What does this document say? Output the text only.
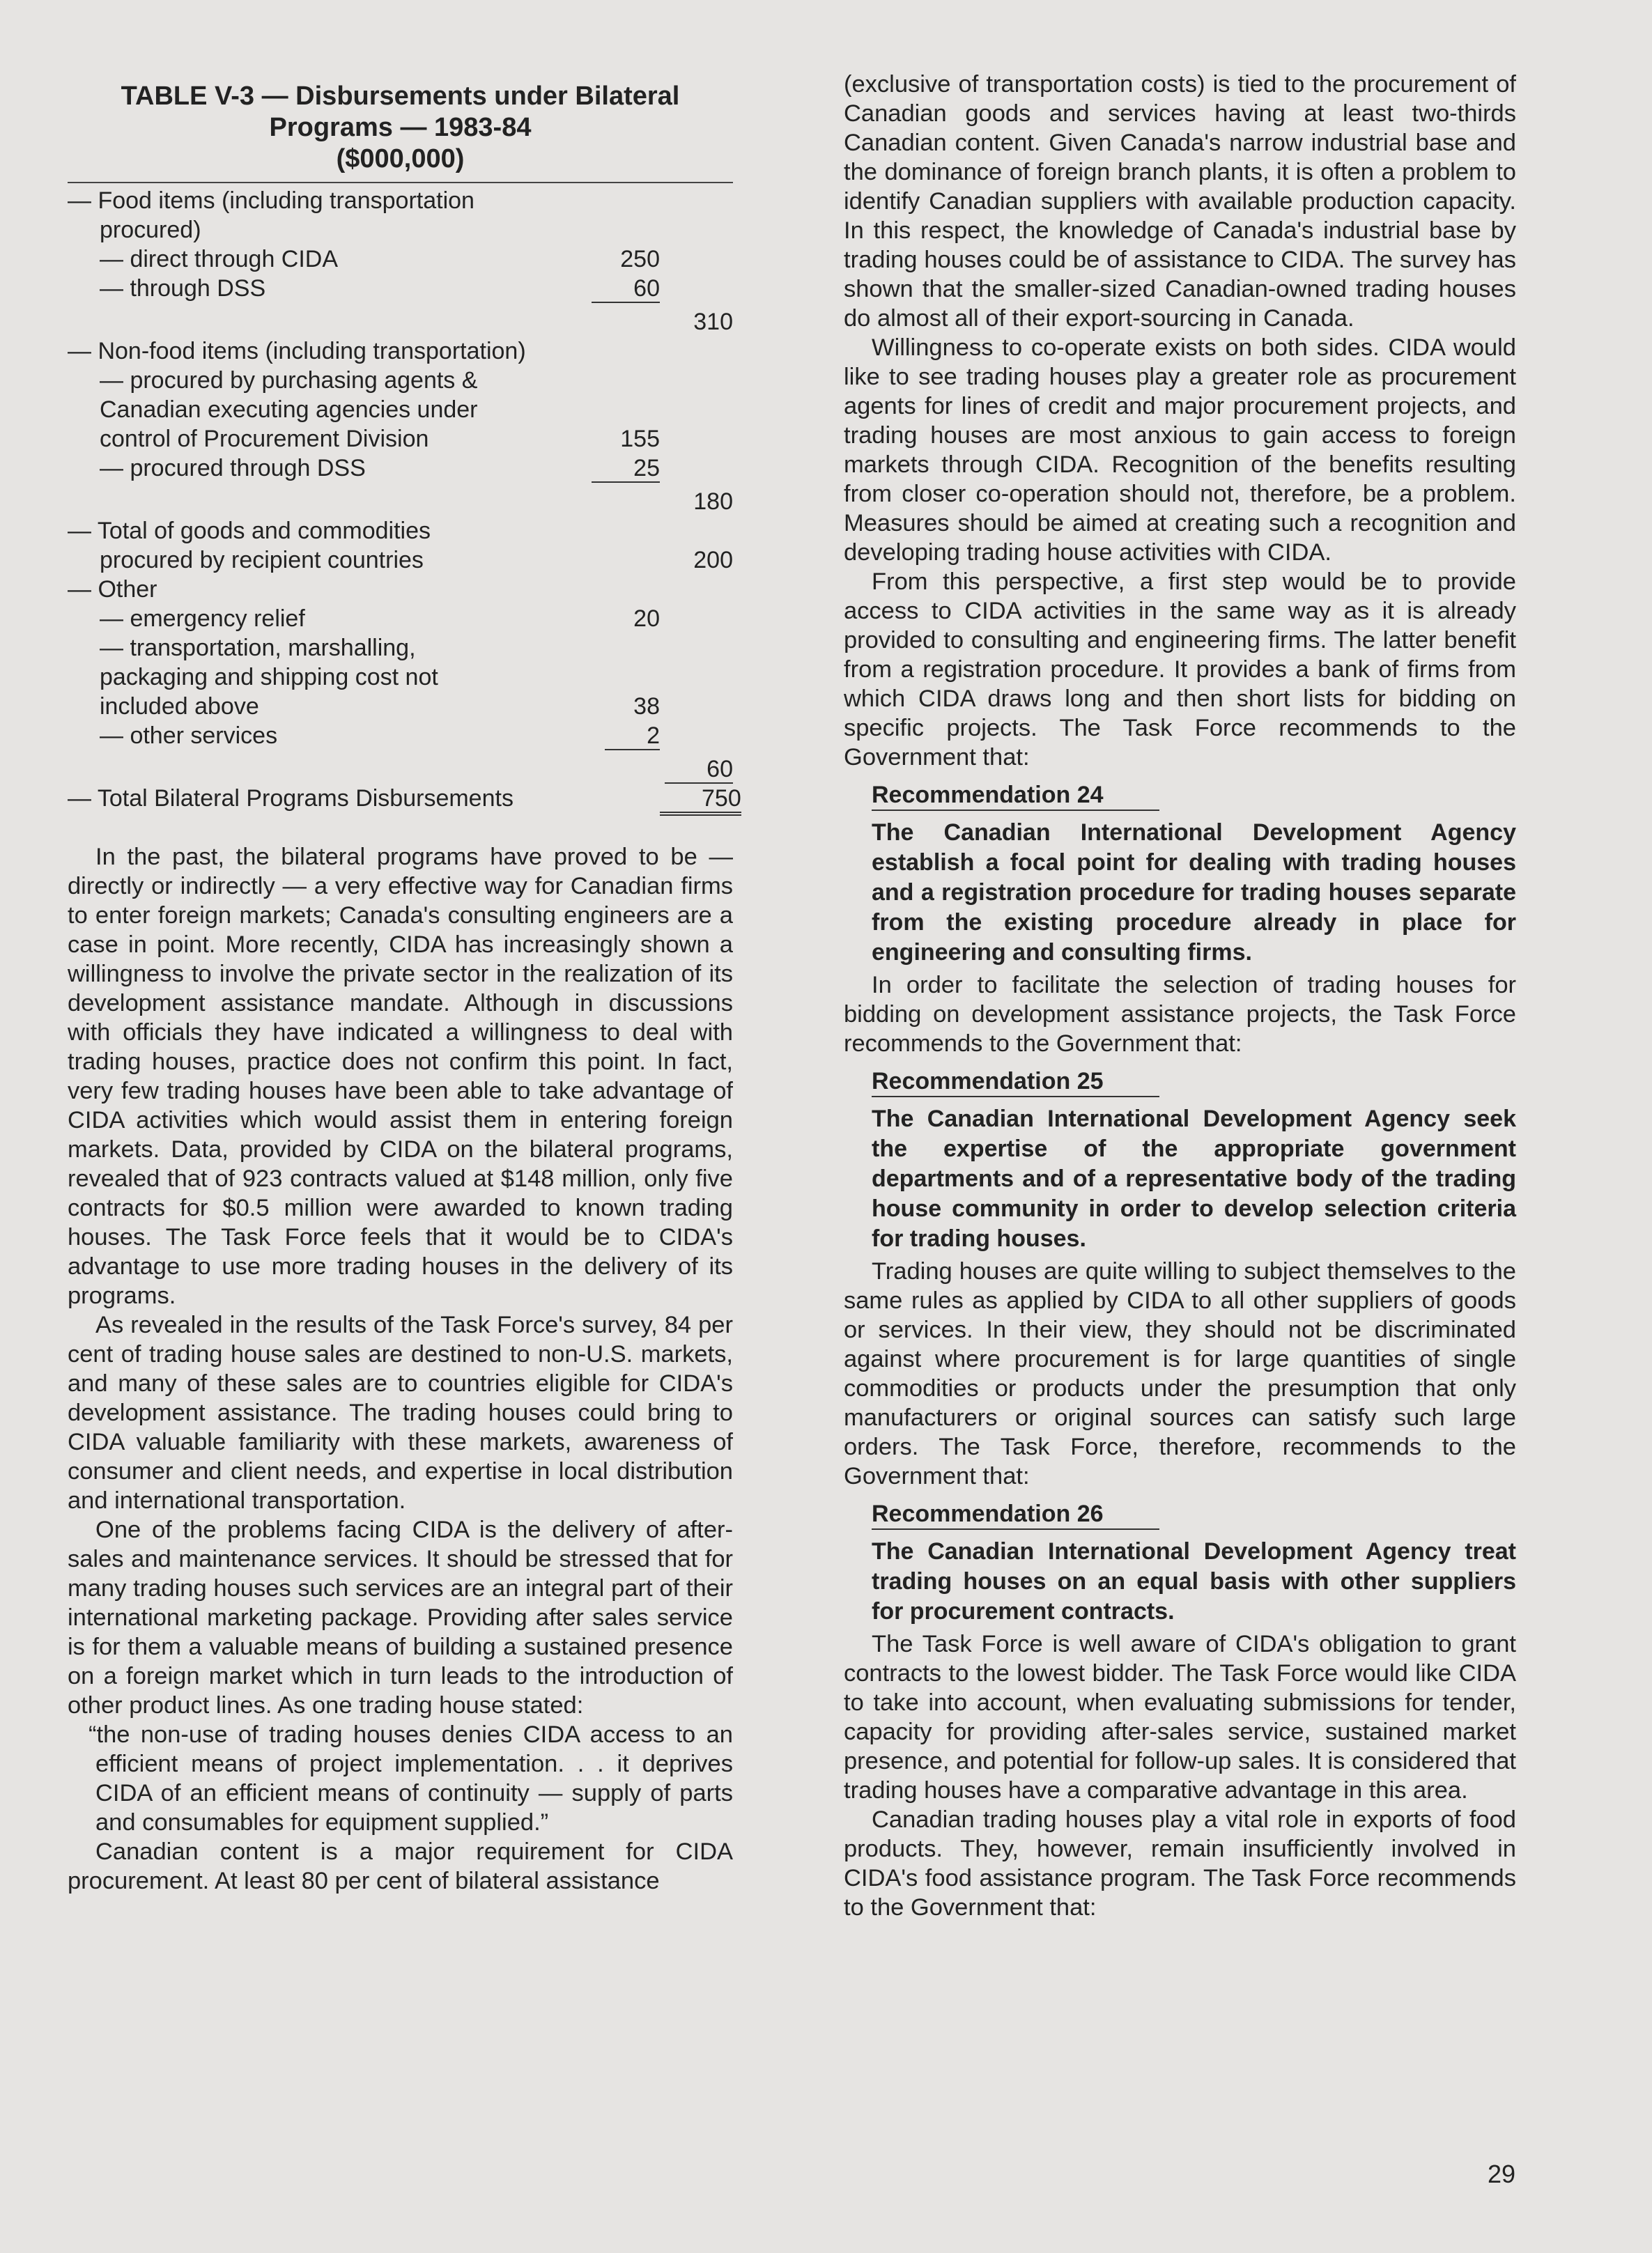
TABLE V-3 — Disbursements under Bilateral
Programs — 1983-84
($000,000)
— Food items (including transportation
procured)
— direct through CIDA	250
— through DSS	60
310
— Non-food items (including transportation)
— procured by purchasing agents &
Canadian executing agencies under
control of Procurement Division	155
— procured through DSS	25
180
— Total of goods and commodities
procured by recipient countries	200
— Other
— emergency relief	20
— transportation, marshalling,
packaging and shipping cost not
included above	38
— other services	2
60
— Total Bilateral Programs Disbursements	750

In the past, the bilateral programs have proved to be — directly or indirectly — a very effective way for Canadian firms to enter foreign markets; Canada's consulting engineers are a case in point. More recently, CIDA has increasingly shown a willingness to involve the private sector in the realization of its development assistance mandate. Although in discussions with officials they have indicated a willingness to deal with trading houses, practice does not confirm this point. In fact, very few trading houses have been able to take advantage of CIDA activities which would assist them in entering foreign markets. Data, provided by CIDA on the bilateral programs, revealed that of 923 contracts valued at $148 million, only five contracts for $0.5 million were awarded to known trading houses. The Task Force feels that it would be to CIDA's advantage to use more trading houses in the delivery of its programs.

As revealed in the results of the Task Force's survey, 84 per cent of trading house sales are destined to non-U.S. markets, and many of these sales are to countries eligible for CIDA's development assistance. The trading houses could bring to CIDA valuable familiarity with these markets, awareness of consumer and client needs, and expertise in local distribution and international transportation.

One of the problems facing CIDA is the delivery of after-sales and maintenance services. It should be stressed that for many trading houses such services are an integral part of their international marketing package. Providing after sales service is for them a valuable means of building a sustained presence on a foreign market which in turn leads to the introduction of other product lines. As one trading house stated:

“the non-use of trading houses denies CIDA access to an efficient means of project implementation. . . it deprives CIDA of an efficient means of continuity — supply of parts and consumables for equipment supplied.”

Canadian content is a major requirement for CIDA procurement. At least 80 per cent of bilateral assistance

(exclusive of transportation costs) is tied to the procurement of Canadian goods and services having at least two-thirds Canadian content. Given Canada's narrow industrial base and the dominance of foreign branch plants, it is often a problem to identify Canadian suppliers with available production capacity. In this respect, the knowledge of Canada's industrial base by trading houses could be of assistance to CIDA. The survey has shown that the smaller-sized Canadian-owned trading houses do almost all of their export-sourcing in Canada.

Willingness to co-operate exists on both sides. CIDA would like to see trading houses play a greater role as procurement agents for lines of credit and major procurement projects, and trading houses are most anxious to gain access to foreign markets through CIDA. Recognition of the benefits resulting from closer co-operation should not, therefore, be a problem. Measures should be aimed at creating such a recognition and developing trading house activities with CIDA.

From this perspective, a first step would be to provide access to CIDA activities in the same way as it is already provided to consulting and engineering firms. The latter benefit from a registration procedure. It provides a bank of firms from which CIDA draws long and then short lists for bidding on specific projects. The Task Force recommends to the Government that:

Recommendation 24

The Canadian International Development Agency establish a focal point for dealing with trading houses and a registration procedure for trading houses separate from the existing procedure already in place for engineering and consulting firms.

In order to facilitate the selection of trading houses for bidding on development assistance projects, the Task Force recommends to the Government that:

Recommendation 25

The Canadian International Development Agency seek the expertise of the appropriate government departments and of a representative body of the trading house community in order to develop selection criteria for trading houses.

Trading houses are quite willing to subject themselves to the same rules as applied by CIDA to all other suppliers of goods or services. In their view, they should not be discriminated against where procurement is for large quantities of single commodities or products under the presumption that only manufacturers or original sources can satisfy such large orders. The Task Force, therefore, recommends to the Government that:

Recommendation 26

The Canadian International Development Agency treat trading houses on an equal basis with other suppliers for procurement contracts.

The Task Force is well aware of CIDA's obligation to grant contracts to the lowest bidder. The Task Force would like CIDA to take into account, when evaluating submissions for tender, capacity for providing after-sales service, sustained market presence, and potential for follow-up sales. It is considered that trading houses have a comparative advantage in this area.

Canadian trading houses play a vital role in exports of food products. They, however, remain insufficiently involved in CIDA's food assistance program. The Task Force recommends to the Government that:

29
